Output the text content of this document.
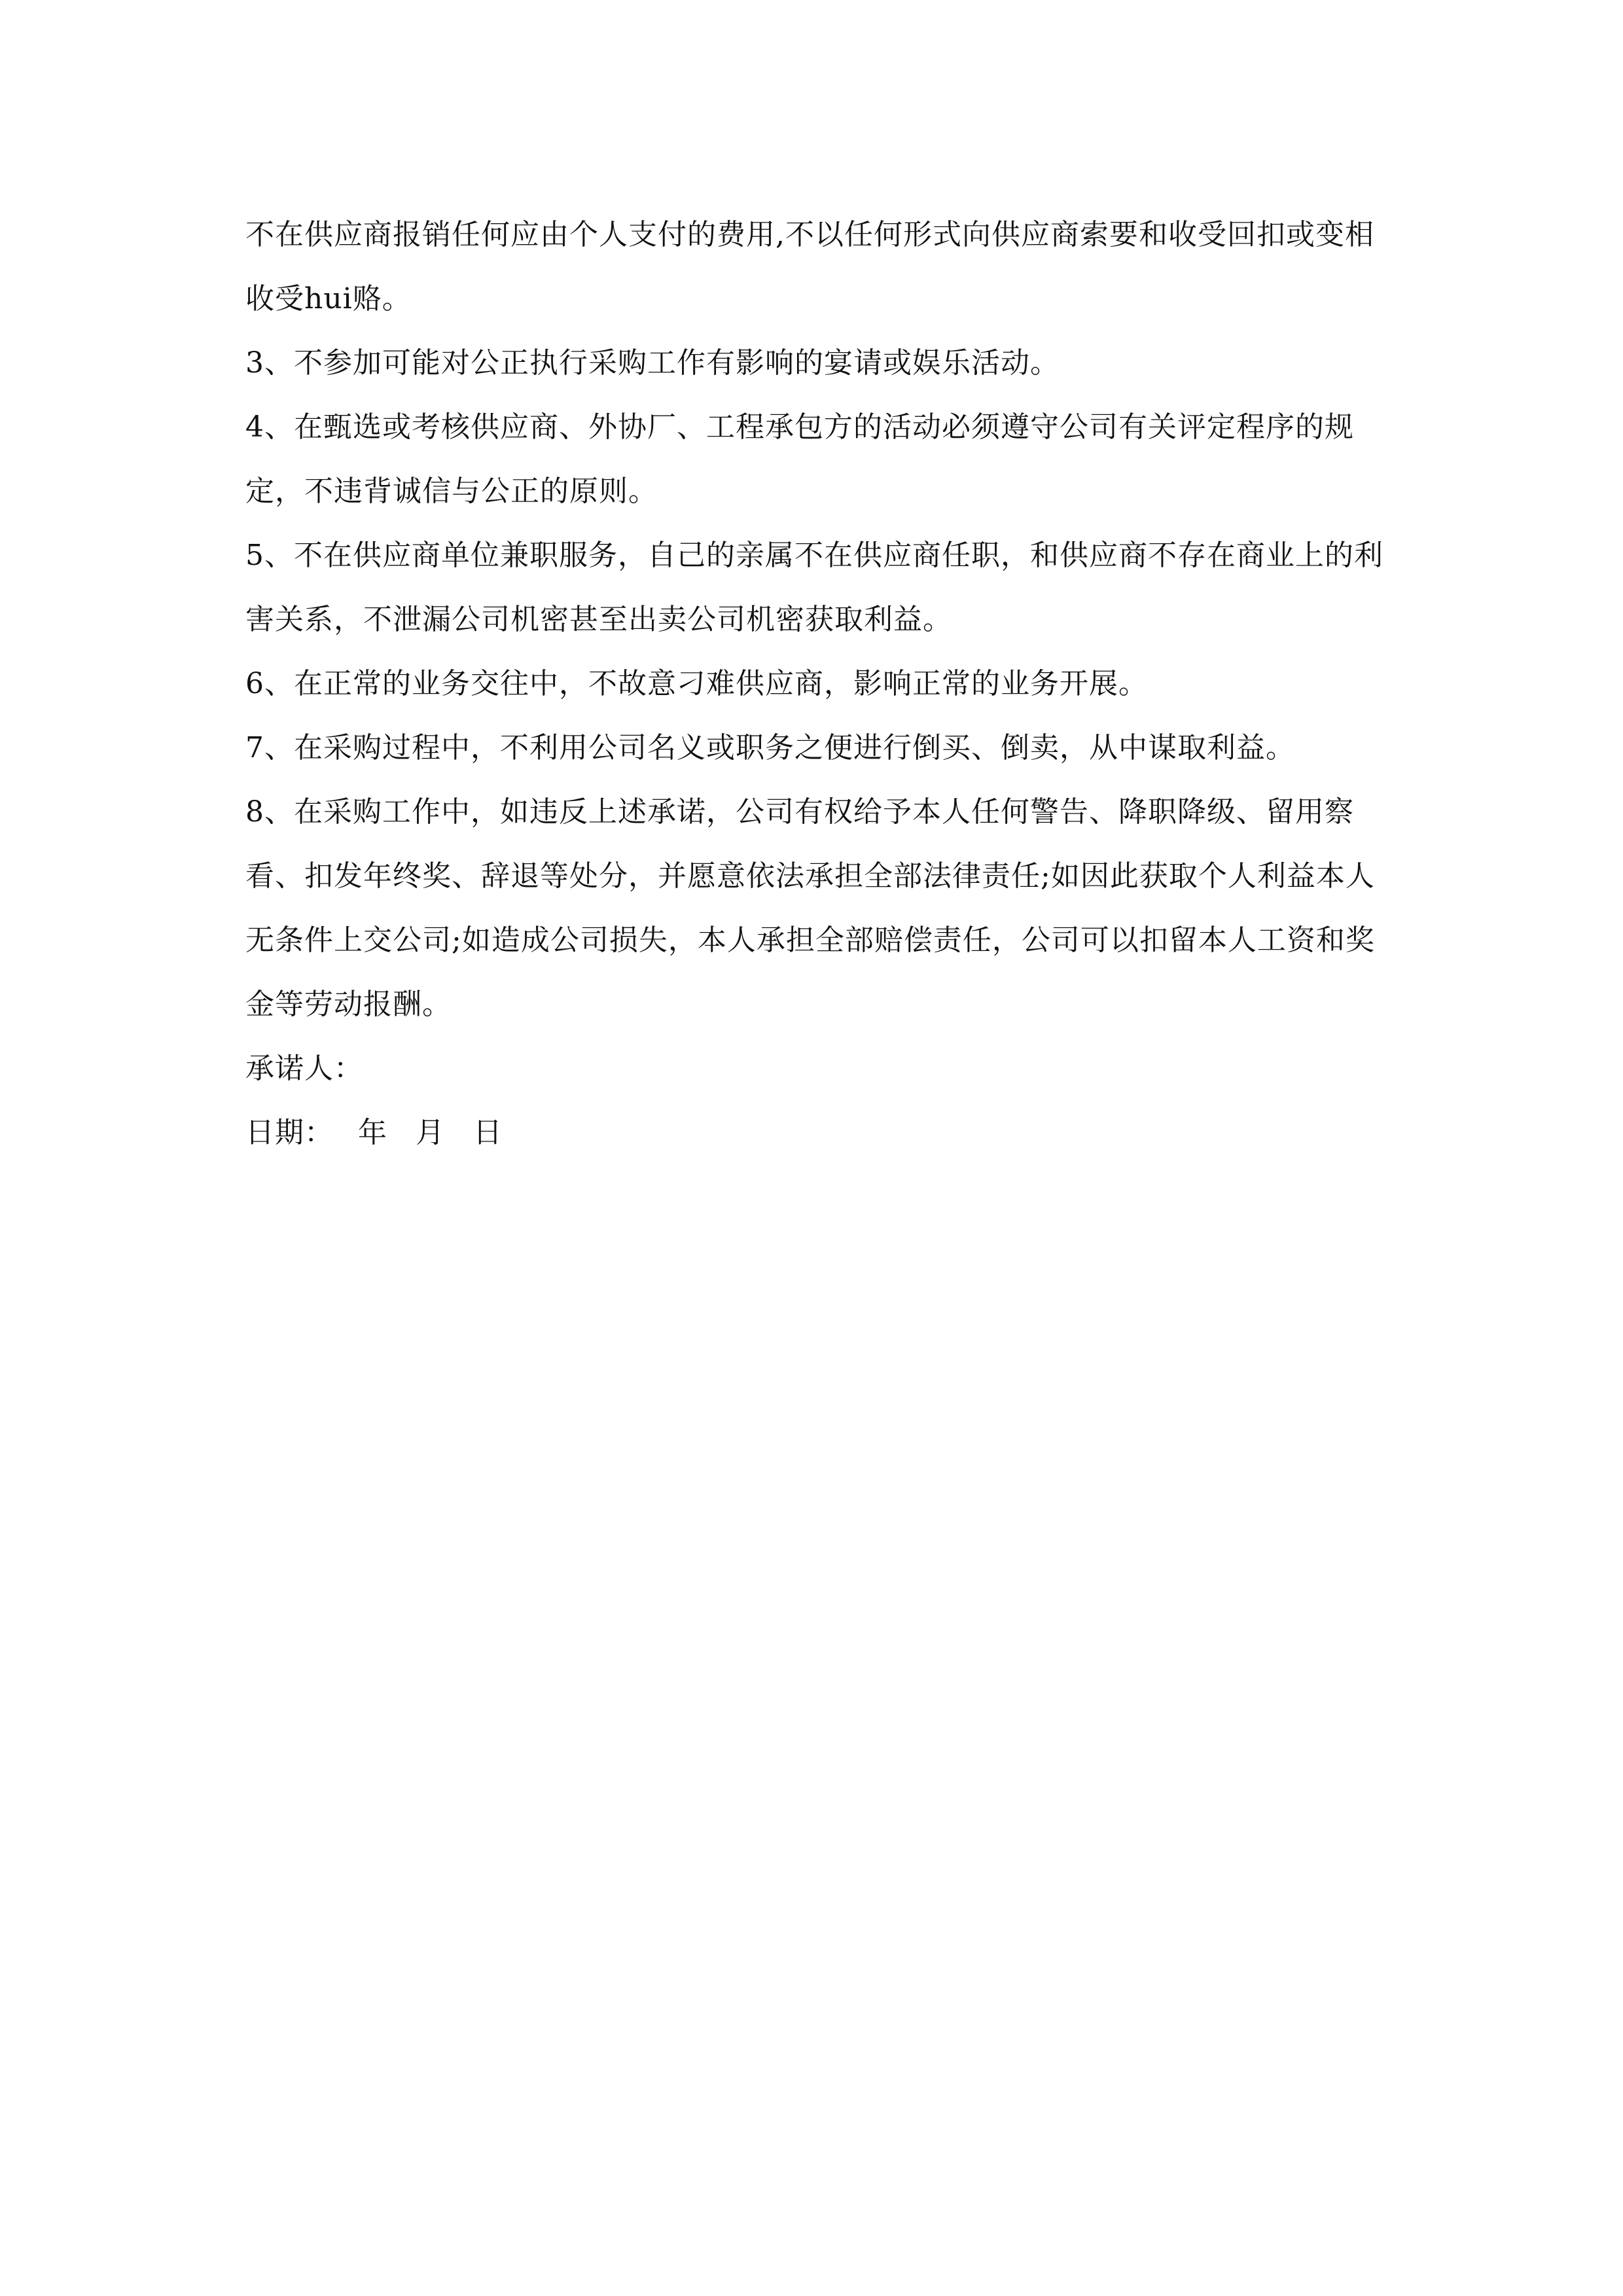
不在供应商报销任何应由个人支付的费用,不以任何形式向供应商索要和收受回扣或变相收受hui赂。

3、不参加可能对公正执行采购工作有影响的宴请或娱乐活动。

4、在甄选或考核供应商、外协厂、工程承包方的活动必须遵守公司有关评定程序的规定，不违背诚信与公正的原则。

5、不在供应商单位兼职服务，自己的亲属不在供应商任职，和供应商不存在商业上的利害关系，不泄漏公司机密甚至出卖公司机密获取利益。

6、在正常的业务交往中，不故意刁难供应商，影响正常的业务开展。

7、在采购过程中，不利用公司名义或职务之便进行倒买、倒卖，从中谋取利益。

8、在采购工作中，如违反上述承诺，公司有权给予本人任何警告、降职降级、留用察看、扣发年终奖、辞退等处分，并愿意依法承担全部法律责任;如因此获取个人利益本人无条件上交公司;如造成公司损失，本人承担全部赔偿责任，公司可以扣留本人工资和奖金等劳动报酬。

承诺人：

日期： 年 月 日
